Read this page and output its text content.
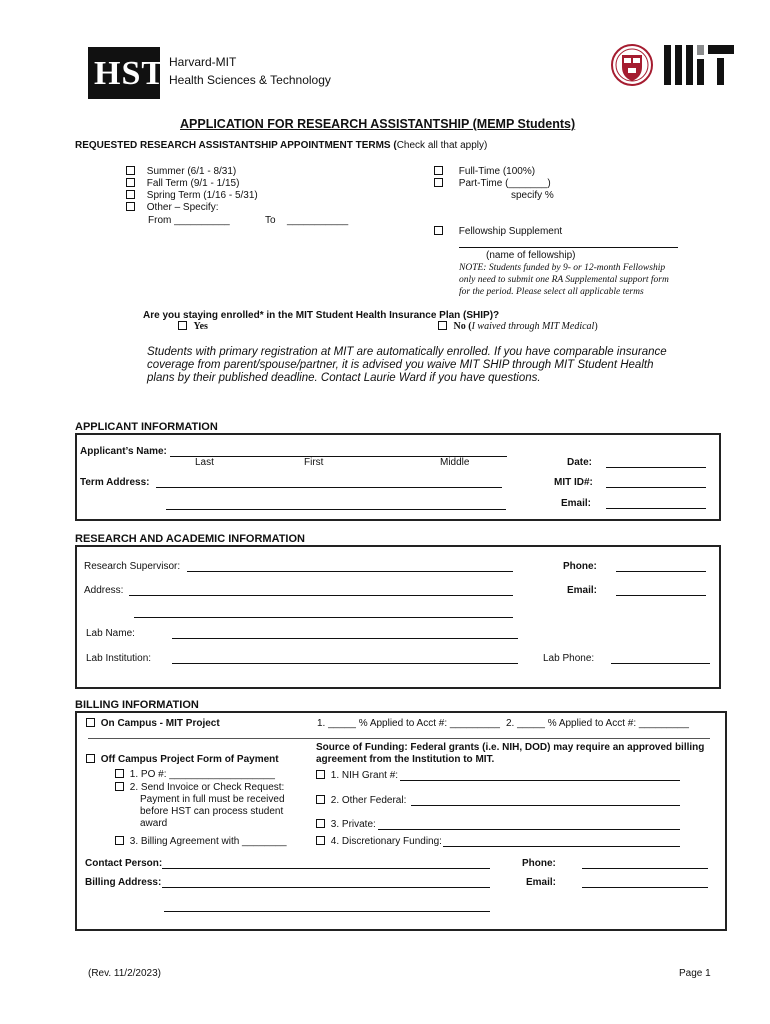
HST Harvard-MIT
Health Sciences & Technology
APPLICATION FOR RESEARCH ASSISTANTSHIP (MEMP Students)
REQUESTED RESEARCH ASSISTANTSHIP APPOINTMENT TERMS (Check all that apply)
Summer (6/1 - 8/31)
Fall Term (9/1 - 1/15)
Spring Term (1/16 - 5/31)
Other – Specify:
From __________	To ___________
Full-Time (100%)
Part-Time (_______)
specify %
Fellowship Supplement
(name of fellowship)
NOTE: Students funded by 9- or 12-month Fellowship
only need to submit one RA Supplemental support form
for the period. Please select all applicable terms
Are you staying enrolled* in the MIT Student Health Insurance Plan (SHIP)?
Yes	No (I waived through MIT Medical)
Students with primary registration at MIT are automatically enrolled. If you have comparable insurance
coverage from parent/spouse/partner, it is advised you waive MIT SHIP through MIT Student Health
plans by their published deadline. Contact Laurie Ward if you have questions.
APPLICANT INFORMATION
Applicant’s Name:
Last	First	Middle	Date:
Term Address:	MIT ID#:
Email:
RESEARCH AND ACADEMIC INFORMATION
Research Supervisor:	Phone:
Address:	Email:
Lab Name:
Lab Institution:	Lab Phone:
BILLING INFORMATION
On Campus - MIT Project	1. _____ % Applied to Acct #: _________ 2. _____ % Applied to Acct #: _________
Off Campus Project Form of Payment
1. PO #: ___________________
2. Send Invoice or Check Request:
Payment in full must be received
before HST can process student
award
3. Billing Agreement with ________
Source of Funding: Federal grants (i.e. NIH, DOD) may require an approved billing
agreement from the Institution to MIT.
1. NIH Grant #:
2. Other Federal:
3. Private:
4. Discretionary Funding:
Contact Person:	Phone:
Billing Address:	Email:
(Rev. 11/2/2023)	Page 1
